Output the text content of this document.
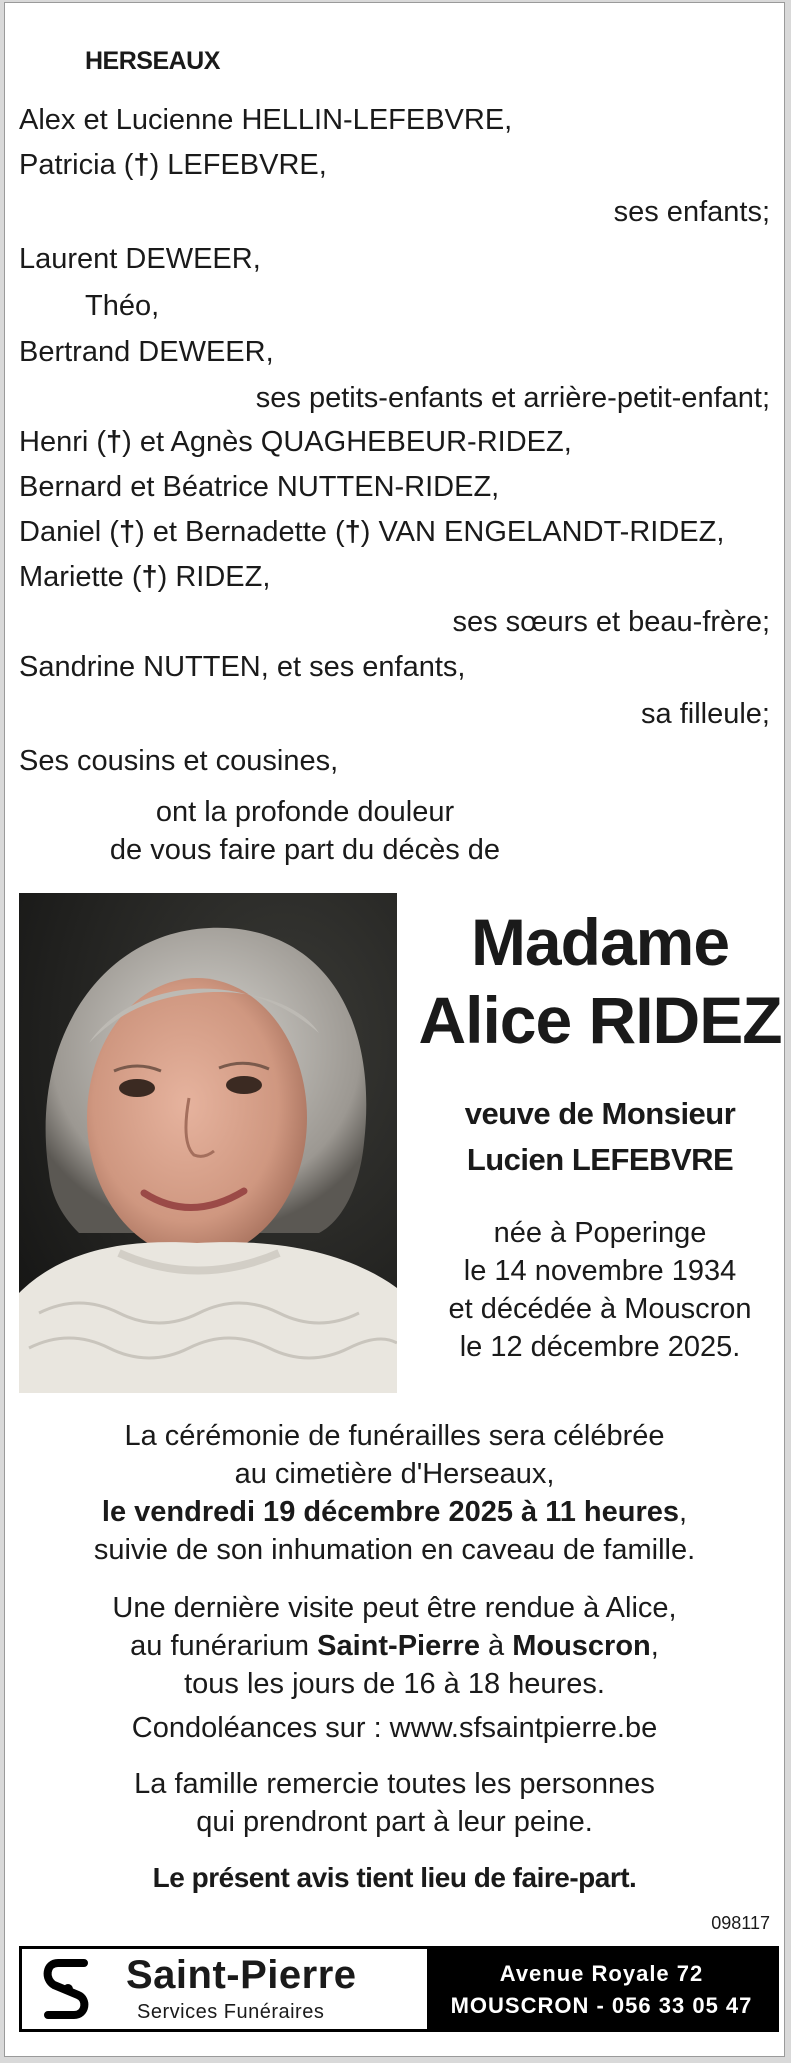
HERSEAUX
Alex et Lucienne HELLIN-LEFEBVRE,
Patricia (†) LEFEBVRE,
ses enfants;
Laurent DEWEER,
Théo,
Bertrand DEWEER,
ses petits-enfants et arrière-petit-enfant;
Henri (†) et Agnès QUAGHEBEUR-RIDEZ,
Bernard et Béatrice NUTTEN-RIDEZ,
Daniel (†) et Bernadette (†) VAN ENGELANDT-RIDEZ,
Mariette (†) RIDEZ,
ses sœurs et beau-frère;
Sandrine NUTTEN, et ses enfants,
sa filleule;
Ses cousins et cousines,
ont la profonde douleur
de vous faire part du décès de
Madame
Alice RIDEZ
veuve de Monsieur
Lucien LEFEBVRE
née à Poperinge
le 14 novembre 1934
et décédée à Mouscron
le 12 décembre 2025.
La cérémonie de funérailles sera célébrée
au cimetière d'Herseaux,
le vendredi 19 décembre 2025 à 11 heures,
suivie de son inhumation en caveau de famille.
Une dernière visite peut être rendue à Alice,
au funérarium Saint-Pierre à Mouscron,
tous les jours de 16 à 18 heures.
Condoléances sur : www.sfsaintpierre.be
La famille remercie toutes les personnes
qui prendront part à leur peine.
Le présent avis tient lieu de faire-part.
098117
Saint-Pierre
Services Funéraires
Avenue Royale 72
MOUSCRON - 056 33 05 47
